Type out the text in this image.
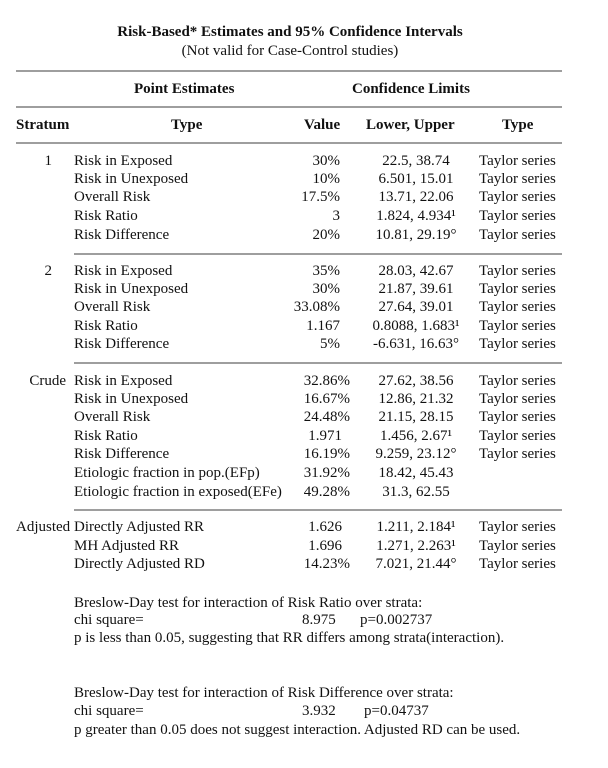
Risk-Based* Estimates and 95% Confidence Intervals
(Not valid for Case-Control studies)
Point Estimates	Confidence Limits
Stratum	Type	Value Lower, Upper	Type
1 Risk in Exposed	30%	22.5, 38.74	Taylor series
Risk in Unexposed	10%	6.501, 15.01	Taylor series
Overall Risk	17.5%	13.71, 22.06	Taylor series
Risk Ratio	3	1.824, 4.934¹	Taylor series
Risk Difference	20%	10.81, 29.19°	Taylor series
2 Risk in Exposed	35%	28.03, 42.67	Taylor series
Risk in Unexposed	30%	21.87, 39.61	Taylor series
Overall Risk	33.08%	27.64, 39.01	Taylor series
Risk Ratio	1.167	0.8088, 1.683¹	Taylor series
Risk Difference	5%	-6.631, 16.63°	Taylor series
Crude Risk in Exposed	32.86%	27.62, 38.56	Taylor series
Risk in Unexposed	16.67%	12.86, 21.32	Taylor series
Overall Risk	24.48%	21.15, 28.15	Taylor series
Risk Ratio	1.971	1.456, 2.67¹	Taylor series
Risk Difference	16.19%	9.259, 23.12°	Taylor series
Etiologic fraction in pop.(EFp)	31.92%	18.42, 45.43
Etiologic fraction in exposed(EFe)	49.28%	31.3, 62.55
Adjusted Directly Adjusted RR	1.626	1.211, 2.184¹	Taylor series
MH Adjusted RR	1.696	1.271, 2.263¹	Taylor series
Directly Adjusted RD	14.23%	7.021, 21.44°	Taylor series
Breslow-Day test for interaction of Risk Ratio over strata:
chi square=	8.975 p=0.002737
p is less than 0.05, suggesting that RR differs among strata(interaction).
Breslow-Day test for interaction of Risk Difference over strata:
chi square=	3.932 p=0.04737
p greater than 0.05 does not suggest interaction. Adjusted RD can be used.
